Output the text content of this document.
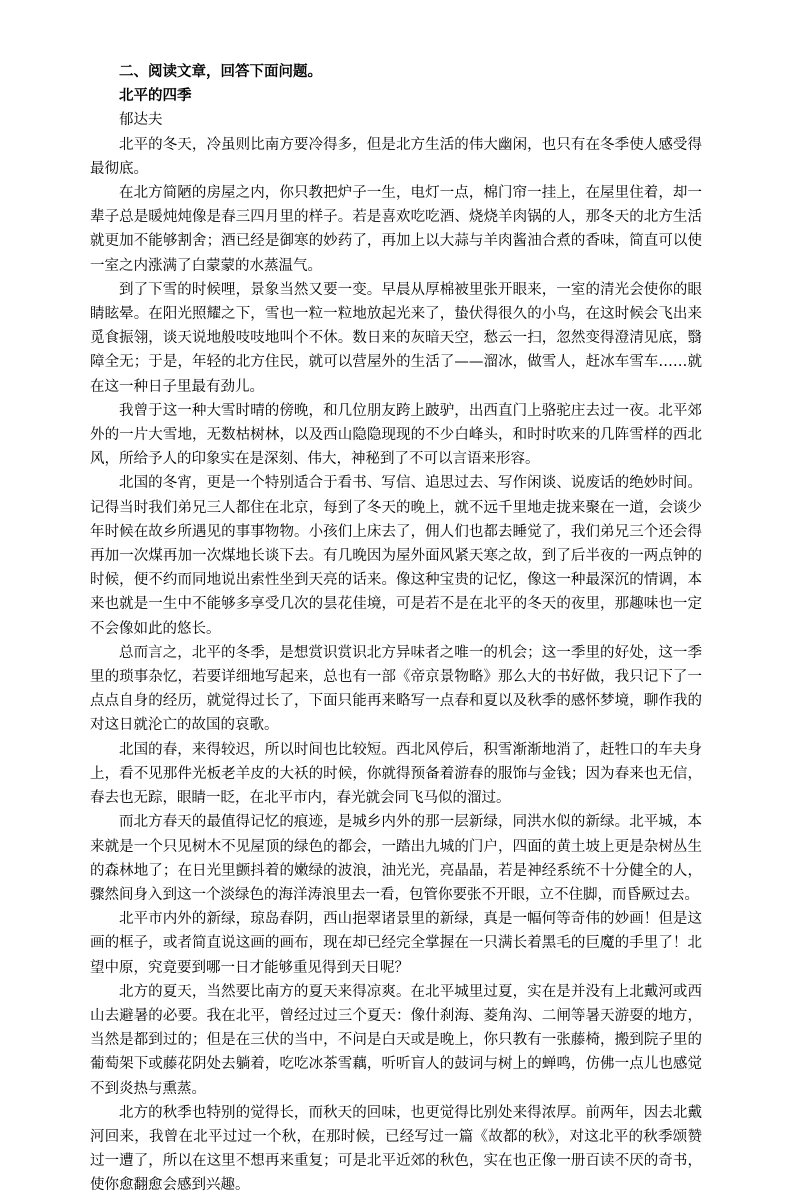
二、阅读文章，回答下面问题。

北平的四季

郁达夫

北平的冬天，冷虽则比南方要冷得多，但是北方生活的伟大幽闲，也只有在冬季使人感受得最彻底。

在北方简陋的房屋之内，你只教把炉子一生，电灯一点，棉门帘一挂上，在屋里住着，却一辈子总是暖炖炖像是春三四月里的样子。若是喜欢吃吃酒、烧烧羊肉锅的人，那冬天的北方生活就更加不能够割舍；酒已经是御寒的妙药了，再加上以大蒜与羊肉酱油合煮的香味，简直可以使一室之内涨满了白蒙蒙的水蒸温气。

到了下雪的时候哩，景象当然又要一变。早晨从厚棉被里张开眼来，一室的清光会使你的眼睛眩晕。在阳光照耀之下，雪也一粒一粒地放起光来了，蛰伏得很久的小鸟，在这时候会飞出来觅食振翎，谈天说地般吱吱地叫个不休。数日来的灰暗天空，愁云一扫，忽然变得澄清见底，翳障全无；于是，年轻的北方住民，就可以营屋外的生活了——溜冰，做雪人，赶冰车雪车……就在这一种日子里最有劲儿。

我曾于这一种大雪时晴的傍晚，和几位朋友跨上跛驴，出西直门上骆驼庄去过一夜。北平郊外的一片大雪地，无数枯树林，以及西山隐隐现现的不少白峰头，和时时吹来的几阵雪样的西北风，所给予人的印象实在是深刻、伟大，神秘到了不可以言语来形容。

北国的冬宵，更是一个特别适合于看书、写信、追思过去、写作闲谈、说废话的绝妙时间。记得当时我们弟兄三人都住在北京，每到了冬天的晚上，就不远千里地走拢来聚在一道，会谈少年时候在故乡所遇见的事事物物。小孩们上床去了，佣人们也都去睡觉了，我们弟兄三个还会得再加一次煤再加一次煤地长谈下去。有几晚因为屋外面风紧天寒之故，到了后半夜的一两点钟的时候，便不约而同地说出索性坐到天亮的话来。像这种宝贵的记忆，像这一种最深沉的情调，本来也就是一生中不能够多享受几次的昙花佳境，可是若不是在北平的冬天的夜里，那趣味也一定不会像如此的悠长。

总而言之，北平的冬季，是想赏识赏识北方异味者之唯一的机会；这一季里的好处，这一季里的琐事杂忆，若要详细地写起来，总也有一部《帝京景物略》那么大的书好做，我只记下了一点点自身的经历，就觉得过长了，下面只能再来略写一点春和夏以及秋季的感怀梦境，聊作我的对这日就沦亡的故国的哀歌。

北国的春，来得较迟，所以时间也比较短。西北风停后，积雪渐渐地消了，赶牲口的车夫身上，看不见那件光板老羊皮的大袄的时候，你就得预备着游春的服饰与金钱；因为春来也无信，春去也无踪，眼睛一眨，在北平市内，春光就会同飞马似的溜过。

而北方春天的最值得记忆的痕迹，是城乡内外的那一层新绿，同洪水似的新绿。北平城，本来就是一个只见树木不见屋顶的绿色的都会，一踏出九城的门户，四面的黄土坡上更是杂树丛生的森林地了；在日光里颤抖着的嫩绿的波浪，油光光，亮晶晶，若是神经系统不十分健全的人，骤然间身入到这一个淡绿色的海洋涛浪里去一看，包管你要张不开眼，立不住脚，而昏厥过去。

北平市内外的新绿，琼岛春阴，西山挹翠诸景里的新绿，真是一幅何等奇伟的妙画！但是这画的框子，或者简直说这画的画布，现在却已经完全掌握在一只满长着黑毛的巨魔的手里了！北望中原，究竟要到哪一日才能够重见得到天日呢？

北方的夏天，当然要比南方的夏天来得凉爽。在北平城里过夏，实在是并没有上北戴河或西山去避暑的必要。我在北平，曾经过过三个夏天：像什刹海、菱角沟、二闸等暑天游耍的地方，当然是都到过的；但是在三伏的当中，不问是白天或是晚上，你只教有一张藤椅，搬到院子里的葡萄架下或藤花阴处去躺着，吃吃冰茶雪藕，听听盲人的鼓词与树上的蝉鸣，仿佛一点儿也感觉不到炎热与熏蒸。

北方的秋季也特别的觉得长，而秋天的回味，也更觉得比别处来得浓厚。前两年，因去北戴河回来，我曾在北平过过一个秋，在那时候，已经写过一篇《故都的秋》，对这北平的秋季颂赞过一遭了，所以在这里不想再来重复；可是北平近郊的秋色，实在也正像一册百读不厌的奇书，使你愈翻愈会感到兴趣。
